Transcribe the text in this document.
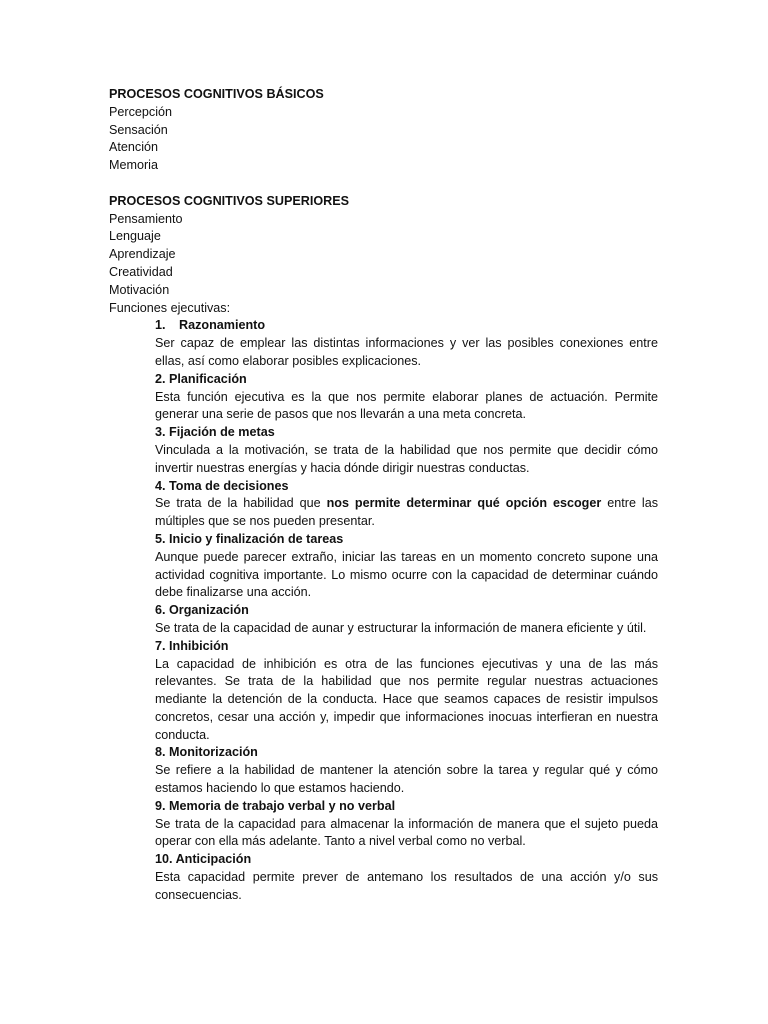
PROCESOS COGNITIVOS BÁSICOS
Percepción
Sensación
Atención
Memoria
PROCESOS COGNITIVOS SUPERIORES
Pensamiento
Lenguaje
Aprendizaje
Creatividad
Motivación
Funciones ejecutivas:
1. Razonamiento
Ser capaz de emplear las distintas informaciones y ver las posibles conexiones entre ellas, así como elaborar posibles explicaciones.
2. Planificación
Esta función ejecutiva es la que nos permite elaborar planes de actuación. Permite generar una serie de pasos que nos llevarán a una meta concreta.
3. Fijación de metas
Vinculada a la motivación, se trata de la habilidad que nos permite que decidir cómo invertir nuestras energías y hacia dónde dirigir nuestras conductas.
4. Toma de decisiones
Se trata de la habilidad que nos permite determinar qué opción escoger entre las múltiples que se nos pueden presentar.
5. Inicio y finalización de tareas
Aunque puede parecer extraño, iniciar las tareas en un momento concreto supone una actividad cognitiva importante. Lo mismo ocurre con la capacidad de determinar cuándo debe finalizarse una acción.
6. Organización
Se trata de la capacidad de aunar y estructurar la información de manera eficiente y útil.
7. Inhibición
La capacidad de inhibición es otra de las funciones ejecutivas y una de las más relevantes. Se trata de la habilidad que nos permite regular nuestras actuaciones mediante la detención de la conducta. Hace que seamos capaces de resistir impulsos concretos, cesar una acción y, impedir que informaciones inocuas interfieran en nuestra conducta.
8. Monitorización
Se refiere a la habilidad de mantener la atención sobre la tarea y regular qué y cómo estamos haciendo lo que estamos haciendo.
9. Memoria de trabajo verbal y no verbal
Se trata de la capacidad para almacenar la información de manera que el sujeto pueda operar con ella más adelante. Tanto a nivel verbal como no verbal.
10. Anticipación
Esta capacidad permite prever de antemano los resultados de una acción y/o sus consecuencias.
